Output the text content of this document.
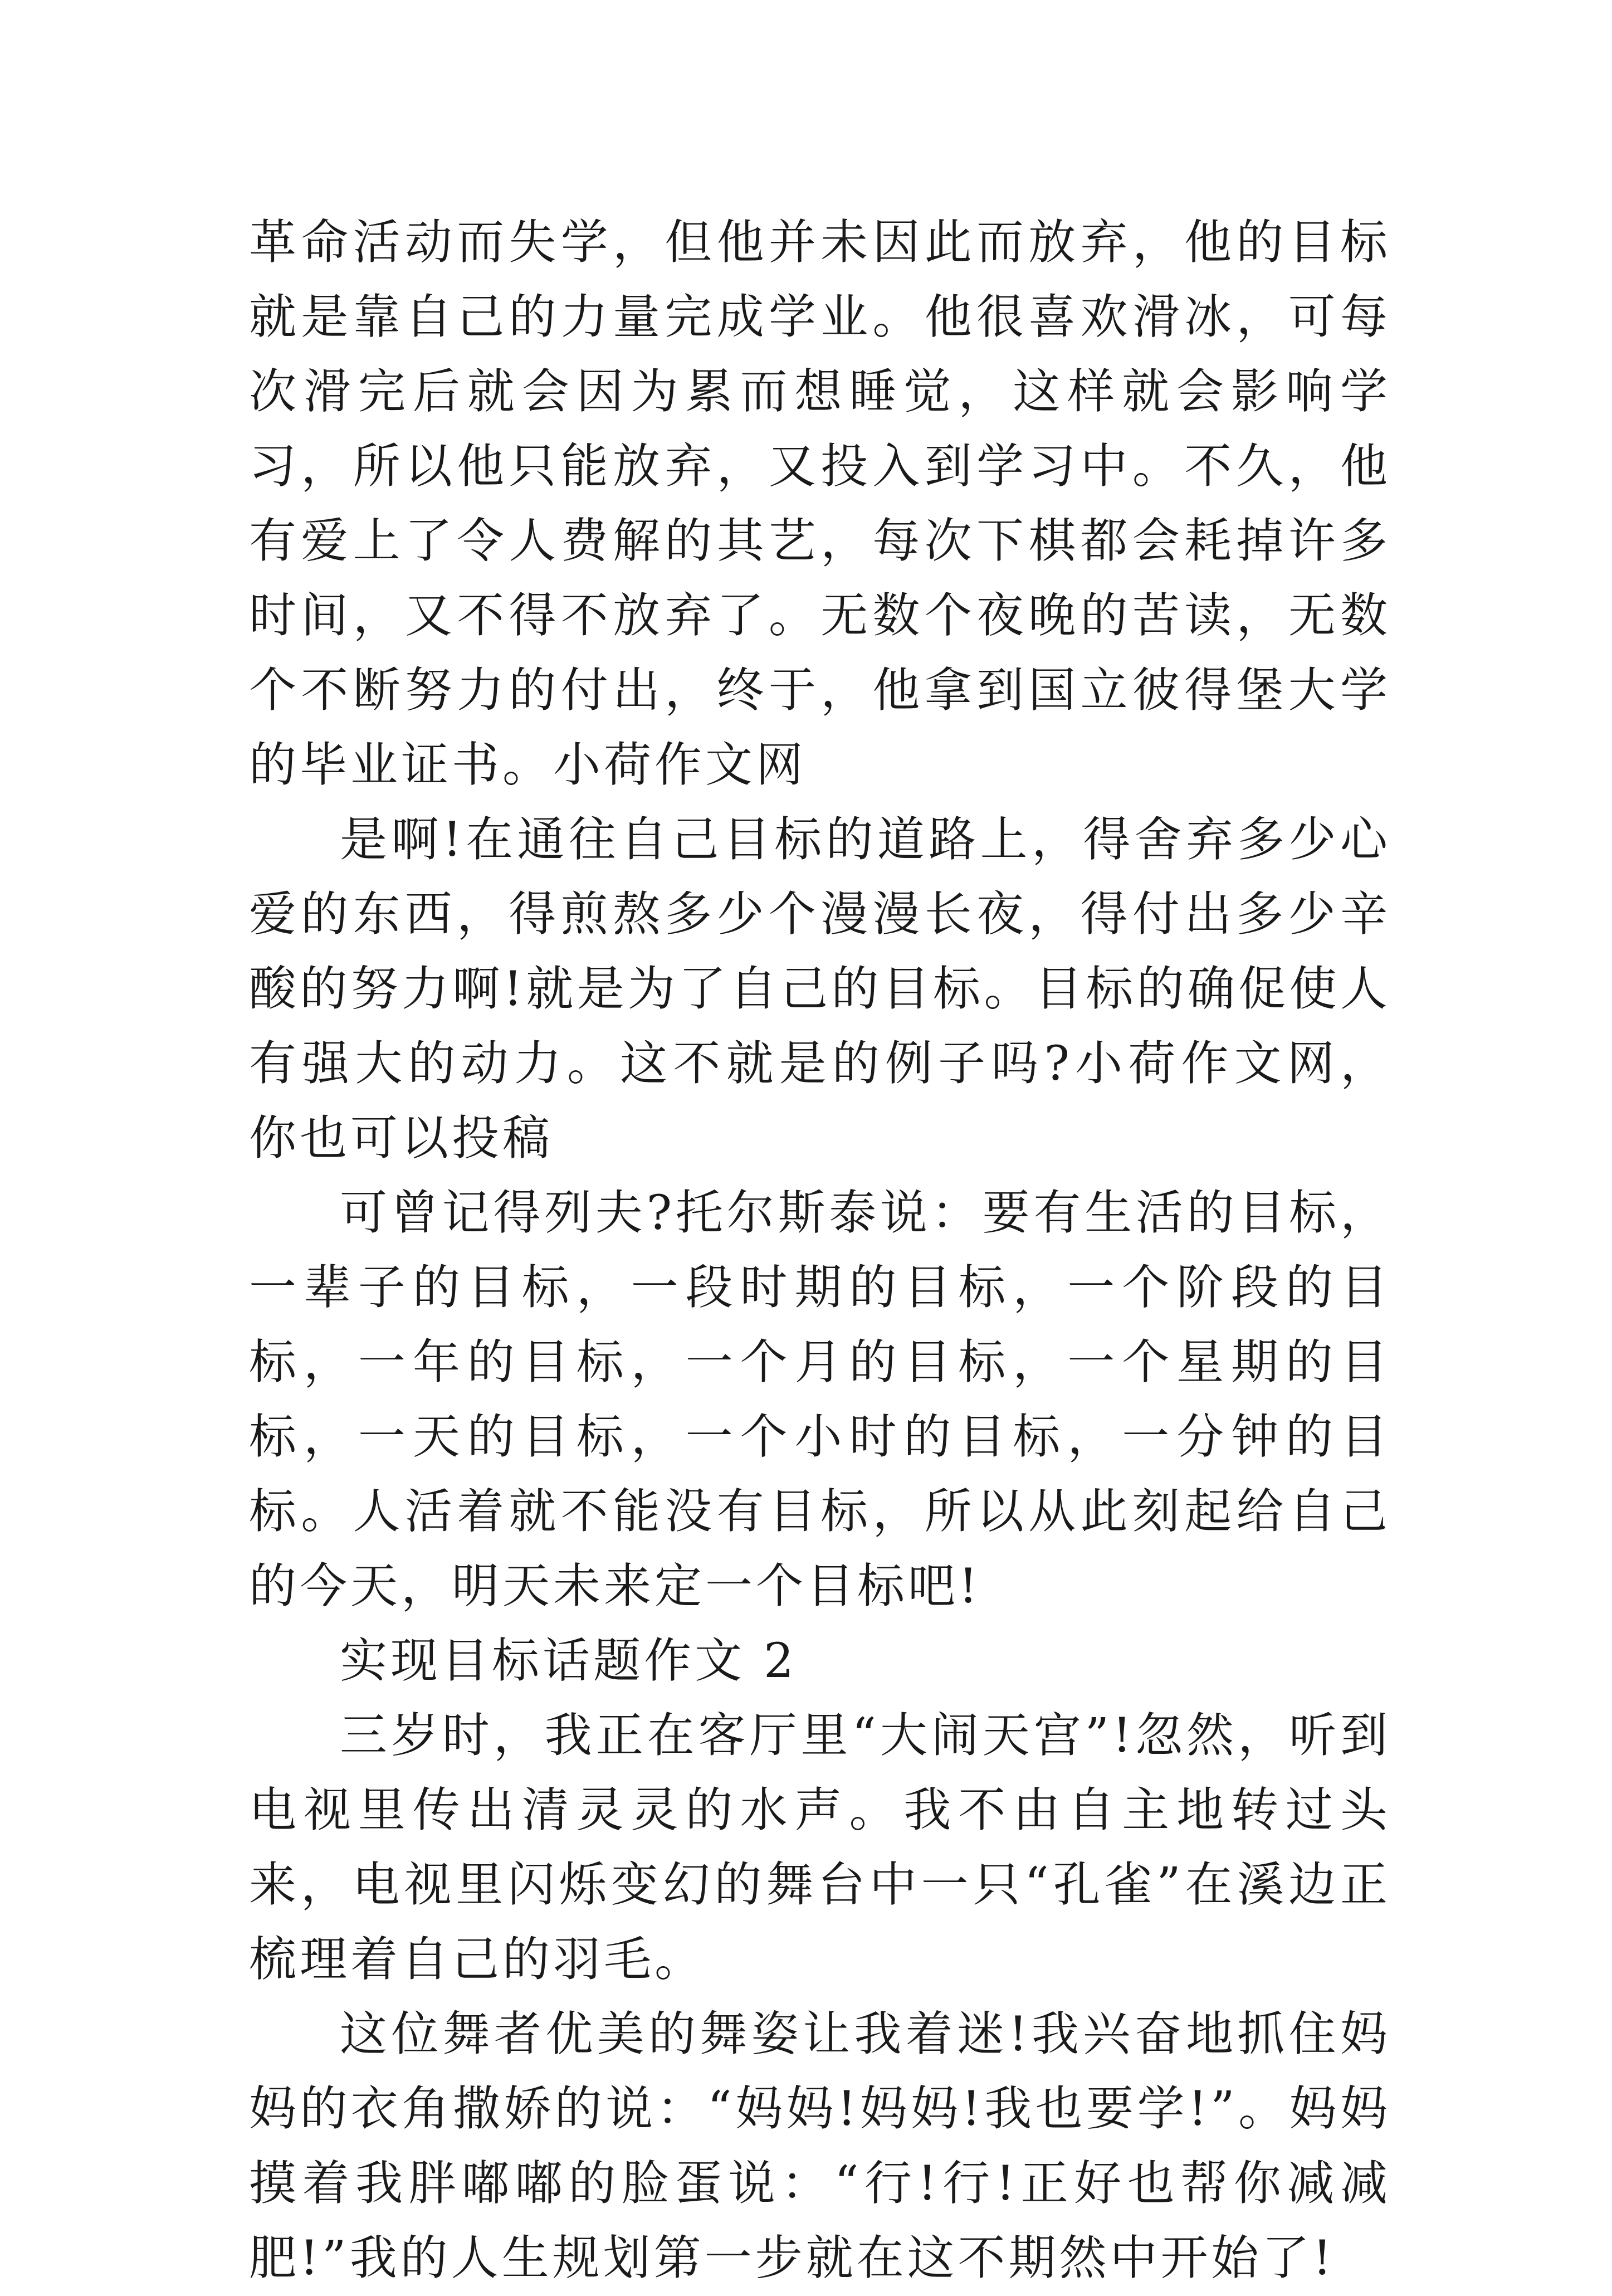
革命活动而失学，但他并未因此而放弃，他的目标就是靠自己的力量完成学业。他很喜欢滑冰，可每次滑完后就会因为累而想睡觉，这样就会影响学习，所以他只能放弃，又投入到学习中。不久，他有爱上了令人费解的其艺，每次下棋都会耗掉许多时间，又不得不放弃了。无数个夜晚的苦读，无数个不断努力的付出，终于，他拿到国立彼得堡大学的毕业证书。小荷作文网

是啊!在通往自己目标的道路上，得舍弃多少心爱的东西，得煎熬多少个漫漫长夜，得付出多少辛酸的努力啊!就是为了自己的目标。目标的确促使人有强大的动力。这不就是的例子吗?小荷作文网，你也可以投稿

可曾记得列夫?托尔斯泰说：要有生活的目标，一辈子的目标，一段时期的目标，一个阶段的目标，一年的目标，一个月的目标，一个星期的目标，一天的目标，一个小时的目标，一分钟的目标。人活着就不能没有目标，所以从此刻起给自己的今天，明天未来定一个目标吧!

实现目标话题作文 2

三岁时，我正在客厅里“大闹天宫”!忽然，听到电视里传出清灵灵的水声。我不由自主地转过头来，电视里闪烁变幻的舞台中一只“孔雀”在溪边正梳理着自己的羽毛。

这位舞者优美的舞姿让我着迷!我兴奋地抓住妈妈的衣角撒娇的说：“妈妈!妈妈!我也要学!”。妈妈摸着我胖嘟嘟的脸蛋说：“行!行!正好也帮你减减肥!”我的人生规划第一步就在这不期然中开始了!
